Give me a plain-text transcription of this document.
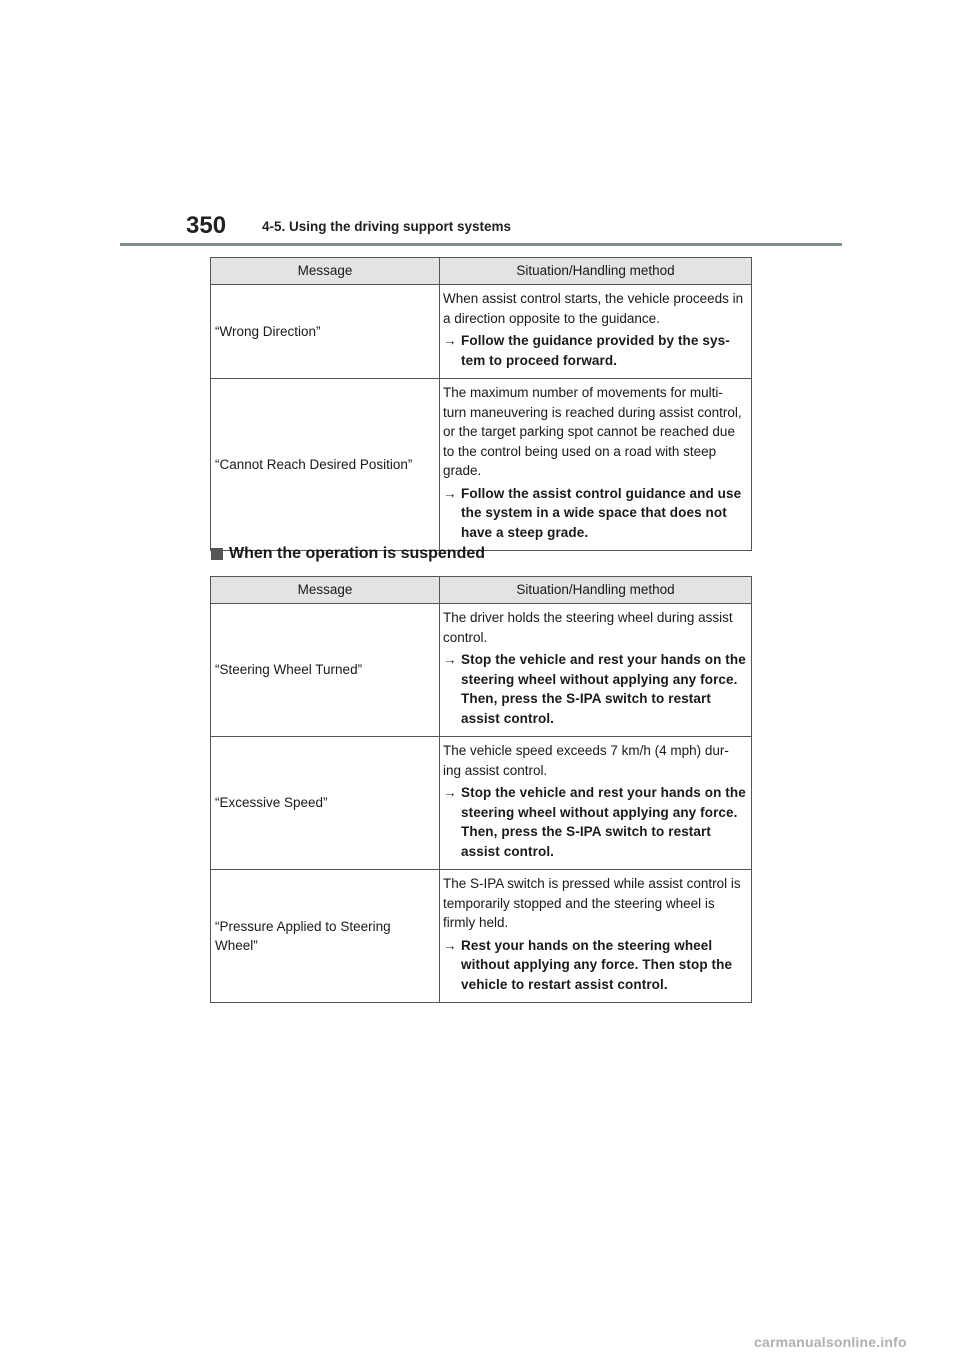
350	4-5. Using the driving support systems
Message	Situation/Handling method
“Wrong Direction”	When assist control starts, the vehicle proceeds in a direction opposite to the guidance.

→ Follow the guidance provided by the sys-tem to proceed forward.

“Cannot Reach Desired Position”	The maximum number of movements for multi-turn maneuvering is reached during assist control, or the target parking spot cannot be reached due to the control being used on a road with steep grade.

→ Follow the assist control guidance and use the system in a wide space that does not have a steep grade.
When the operation is suspended
Message	Situation/Handling method
“Steering Wheel Turned”	The driver holds the steering wheel during assist control.

→ Stop the vehicle and rest your hands on the steering wheel without applying any force. Then, press the S-IPA switch to restart assist control.

“Excessive Speed”	The vehicle speed exceeds 7 km/h (4 mph) dur-ing assist control.

→ Stop the vehicle and rest your hands on the steering wheel without applying any force. Then, press the S-IPA switch to restart assist control.

“Pressure Applied to Steering Wheel”	The S-IPA switch is pressed while assist control is temporarily stopped and the steering wheel is firmly held.

→ Rest your hands on the steering wheel without applying any force. Then stop the vehicle to restart assist control.
carmanualsonline.info
